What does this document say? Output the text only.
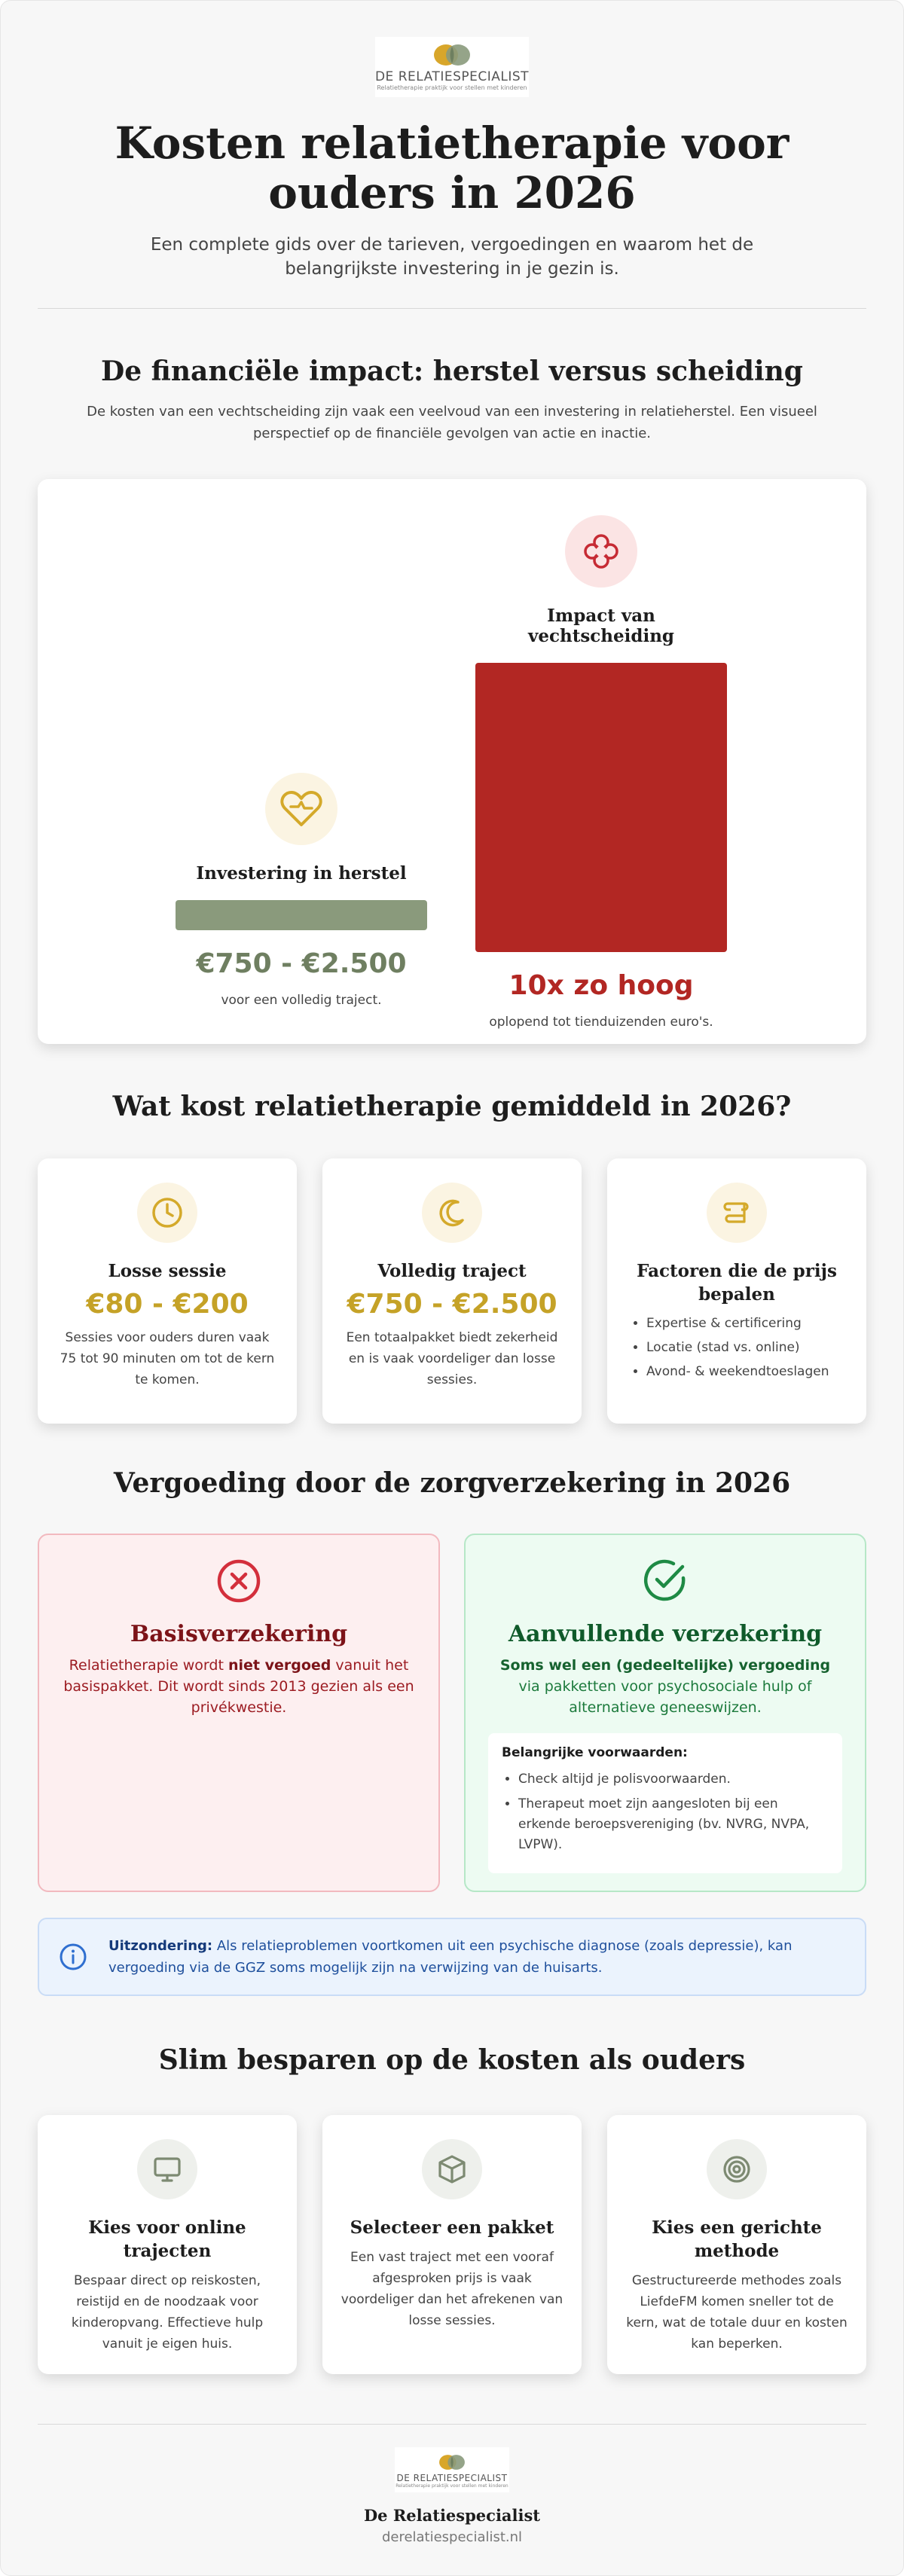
DE RELATIESPECIALIST
Relatietherapie praktijk voor stellen met kinderen
Kosten relatietherapie voor ouders in 2026

Een complete gids over de tarieven, vergoedingen en waarom het de belangrijkste investering in je gezin is.

De financiële impact: herstel versus scheiding

De kosten van een vechtscheiding zijn vaak een veelvoud van een investering in relatieherstel. Een visueel perspectief op de financiële gevolgen van actie en inactie.

Investering in herstel
€750 - €2.500
voor een volledig traject.
Impact van vechtscheiding
10x zo hoog
oplopend tot tienduizenden euro's.
Wat kost relatietherapie gemiddeld in 2026?
Losse sessie
€80 - €200
Sessies voor ouders duren vaak 75 tot 90 minuten om tot de kern te komen.
Volledig traject
€750 - €2.500
Een totaalpakket biedt zekerheid en is vaak voordeliger dan losse sessies.
Factoren die de prijs bepalen
• Expertise & certificering
• Locatie (stad vs. online)
• Avond- & weekendtoeslagen
Vergoeding door de zorgverzekering in 2026
Basisverzekering

Relatietherapie wordt niet vergoed vanuit het basispakket. Dit wordt sinds 2013 gezien als een privékwestie.

Aanvullende verzekering

Soms wel een (gedeeltelijke) vergoeding via pakketten voor psychosociale hulp of alternatieve geneeswijzen.

Belangrijke voorwaarden:
• Check altijd je polisvoorwaarden.
• Therapeut moet zijn aangesloten bij een erkende beroepsvereniging (bv. NVRG, NVPA, LVPW).

Uitzondering: Als relatieproblemen voortkomen uit een psychische diagnose (zoals depressie), kan vergoeding via de GGZ soms mogelijk zijn na verwijzing van de huisarts.

Slim besparen op de kosten als ouders
Kies voor online trajecten
Bespaar direct op reiskosten, reistijd en de noodzaak voor kinderopvang. Effectieve hulp vanuit je eigen huis.
Selecteer een pakket
Een vast traject met een vooraf afgesproken prijs is vaak voordeliger dan het afrekenen van losse sessies.
Kies een gerichte methode
Gestructureerde methodes zoals LiefdeFM komen sneller tot de kern, wat de totale duur en kosten kan beperken.
DE RELATIESPECIALIST
Relatietherapie praktijk voor stellen met kinderen
De Relatiespecialist
derelatiespecialist.nl
